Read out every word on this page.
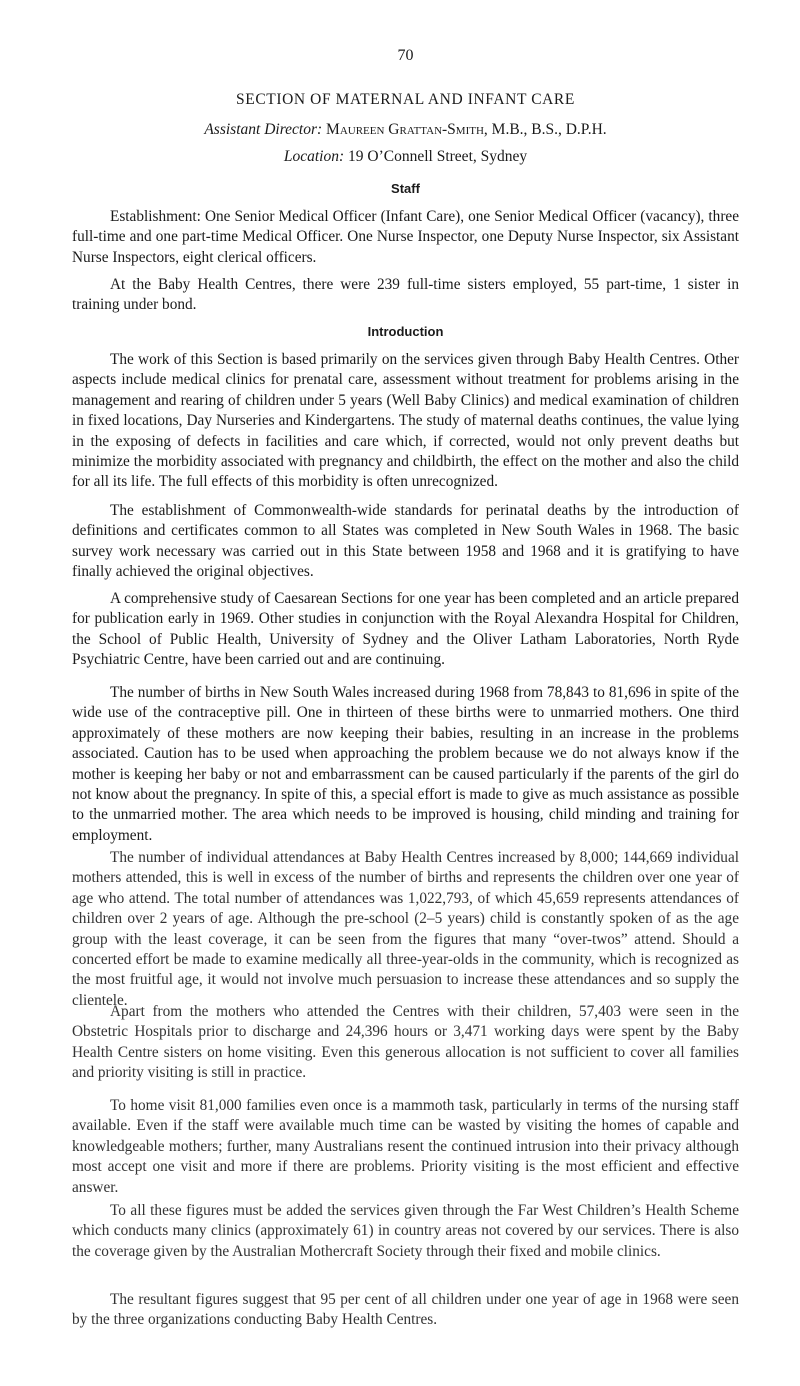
70
SECTION OF MATERNAL AND INFANT CARE
Assistant Director: Maureen Grattan-Smith, M.B., B.S., D.P.H.
Location: 19 O’Connell Street, Sydney
Staff

Establishment: One Senior Medical Officer (Infant Care), one Senior Medical Officer (vacancy), three full-time and one part-time Medical Officer. One Nurse Inspector, one Deputy Nurse Inspector, six Assistant Nurse Inspectors, eight clerical officers.

At the Baby Health Centres, there were 239 full-time sisters employed, 55 part-time, 1 sister in training under bond.

Introduction

The work of this Section is based primarily on the services given through Baby Health Centres. Other aspects include medical clinics for prenatal care, assessment without treatment for problems arising in the management and rearing of children under 5 years (Well Baby Clinics) and medical examination of children in fixed locations, Day Nurseries and Kindergartens. The study of maternal deaths continues, the value lying in the exposing of defects in facilities and care which, if corrected, would not only prevent deaths but minimize the morbidity associated with pregnancy and childbirth, the effect on the mother and also the child for all its life. The full effects of this morbidity is often unrecognized.

The establishment of Commonwealth-wide standards for perinatal deaths by the introduction of definitions and certificates common to all States was completed in New South Wales in 1968. The basic survey work necessary was carried out in this State between 1958 and 1968 and it is gratifying to have finally achieved the original objectives.

A comprehensive study of Caesarean Sections for one year has been completed and an article prepared for publication early in 1969. Other studies in conjunction with the Royal Alexandra Hospital for Children, the School of Public Health, University of Sydney and the Oliver Latham Laboratories, North Ryde Psychiatric Centre, have been carried out and are continuing.

The number of births in New South Wales increased during 1968 from 78,843 to 81,696 in spite of the wide use of the contraceptive pill. One in thirteen of these births were to unmarried mothers. One third approximately of these mothers are now keeping their babies, resulting in an increase in the problems associated. Caution has to be used when approaching the problem because we do not always know if the mother is keeping her baby or not and embarrassment can be caused particularly if the parents of the girl do not know about the pregnancy. In spite of this, a special effort is made to give as much assistance as possible to the unmarried mother. The area which needs to be improved is housing, child minding and training for employment.

The number of individual attendances at Baby Health Centres increased by 8,000; 144,669 individual mothers attended, this is well in excess of the number of births and represents the children over one year of age who attend. The total number of attendances was 1,022,793, of which 45,659 represents attendances of children over 2 years of age. Although the pre-school (2–5 years) child is constantly spoken of as the age group with the least coverage, it can be seen from the figures that many “over-twos” attend. Should a concerted effort be made to examine medically all three-year-olds in the community, which is recognized as the most fruitful age, it would not involve much persuasion to increase these attendances and so supply the clientele.

Apart from the mothers who attended the Centres with their children, 57,403 were seen in the Obstetric Hospitals prior to discharge and 24,396 hours or 3,471 working days were spent by the Baby Health Centre sisters on home visiting. Even this generous allocation is not sufficient to cover all families and priority visiting is still in practice.

To home visit 81,000 families even once is a mammoth task, particularly in terms of the nursing staff available. Even if the staff were available much time can be wasted by visiting the homes of capable and knowledgeable mothers; further, many Australians resent the continued intrusion into their privacy although most accept one visit and more if there are problems. Priority visiting is the most efficient and effective answer.

To all these figures must be added the services given through the Far West Children’s Health Scheme which conducts many clinics (approximately 61) in country areas not covered by our services. There is also the coverage given by the Australian Mothercraft Society through their fixed and mobile clinics.

The resultant figures suggest that 95 per cent of all children under one year of age in 1968 were seen by the three organizations conducting Baby Health Centres.
